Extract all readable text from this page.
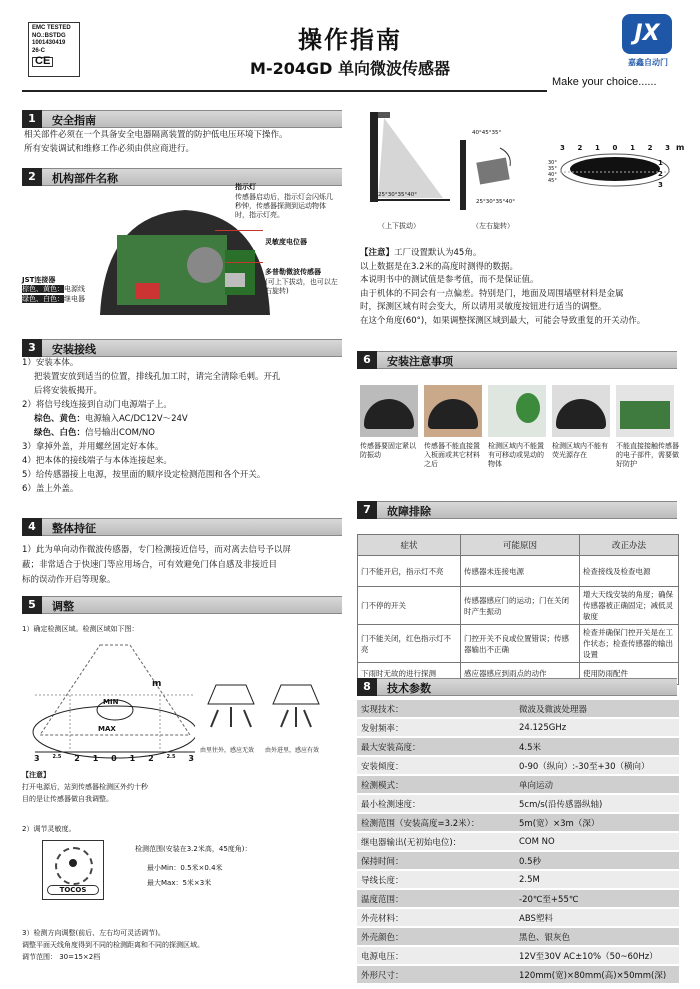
EMC TESTED
NO.:BSTDG
1001430419
26-C
CE
操作指南
M-204GD 单向微波传感器
JX
嘉鑫自动门
Make your choice......
1	安全指南
相关部件必须在一个具备安全电器隔离装置的防护低电压环境下操作。
所有安装调试和维修工作必须由供应商进行。
2	机构部件名称
指示灯
传感器启动后，指示灯会闪烁几秒钟，传感器探测到运动物体时，指示灯亮。
灵敏度电位器
多普勒微波传感器
(可上下拔动，也可以左右旋转)
JST连接器
棕色、黄色：电源线
绿色、白色：继电器
3	安装接线
1）安装本体。
把装置安放到适当的位置，排线孔加工时，请完全清除毛刺。开孔
后将安装板揭开。
2）将信号线连接到自动门电源端子上。
棕色、黄色：电源输入AC/DC12V～24V
绿色、白色：信号输出COM/NO
3）拿掉外盖，并用螺丝固定好本体。
4）把本体的接线端子与本体连接起来。
5）给传感器接上电源，按里面的顺序设定检测范围和各个开关。
6）盖上外盖。
4	整体持征
1）此为单向动作微波传感器，专门检测接近信号，而对离去信号予以屏
蔽；非常适合于快速门等应用场合，可有效避免门体自感及非接近目
标的误动作开启等现象。
5	调整
1）确定检测区域。检测区域如下图：
m
MIN
MAX
3	2.5 2 1 0 1 2	2.5 3
由里往外，感应无效 由外进里，感应有效
【注意】
打开电源后，站到传感器检测区外约十秒
目的是让传感器做自我调整。
2）调节灵敏度。
TOCOS
检测范围(安装在3.2米高，45度角)：
最小Min：0.5米×0.4米
最大Max：5米×3米
3）检测方向调整(前后、左右均可灵活调节)。
调整平面天线角度得到不同的检测距离和不同的探测区域。
调节范围： 30=15×2档
25°30°35°40°
（上下拔动）
40°45°35°
25°30°35°40°
（左右旋转）
3 2 1 0 1 2 3 m
30°
35°
40°
45°
1
2
3
【注意】工厂设置默认为45角。
以上数据是在3.2米的高度时测得的数据。
本说明书中的测试值是参考值，而不是保证值。
由于机体的不同会有一点偏差。特别是门，地面及周围墙壁材料是金属
时，探测区域有时会变大，所以请用灵敏度按钮进行适当的调整。
在这个角度(60°)，如果调整探测区域到最大，可能会导致重复的开关动作。
6	安装注意事项
传感器要固定紧以防振动
传感器不能直接置入板面或其它材料之后
检测区域内不能置有可移动或晃动的物体
检测区域内不能有荧光源存在
不能直接接触传感器的电子部件，需要做好防护
7	故障排除
症状	可能原因	改正办法
门不能开启，指示灯不亮	传感器未连接电源	检查接线及检查电源
门不停的开关	传感器感应门的运动；门在关闭时产生振动	增大天线安装的角度；确保传感器被正确固定；减低灵敏度
门不能关闭，红色指示灯不亮	门控开关不良或位置错误；传感器输出不正确	检查并确保门控开关是在工作状态；检查传感器的输出设置
下雨时无故的进行探测	感应器感应到雨点的动作	使用防雨配件
8	技术参数
实现技术：	微波及微波处理器
发射频率：	24.125GHz
最大安装高度：	4.5米
安装倾度：	0-90（纵向）:-30至+30（横向）
检测模式：	单向运动
最小检测速度：	5cm/s(沿传感器纵轴)
检测范围（安装高度=3.2米）：	5m(宽）×3m（深）
继电器输出(无初始电位)：	COM NO
保持时间：	0.5秒
导线长度：	2.5M
温度范围：	-20℃至+55℃
外壳材料：	ABS塑料
外壳颜色：	黑色、银灰色
电源电压：	12V至30V AC±10%（50~60Hz）
外形尺寸：	120mm(宽)×80mm(高)×50mm(深)
